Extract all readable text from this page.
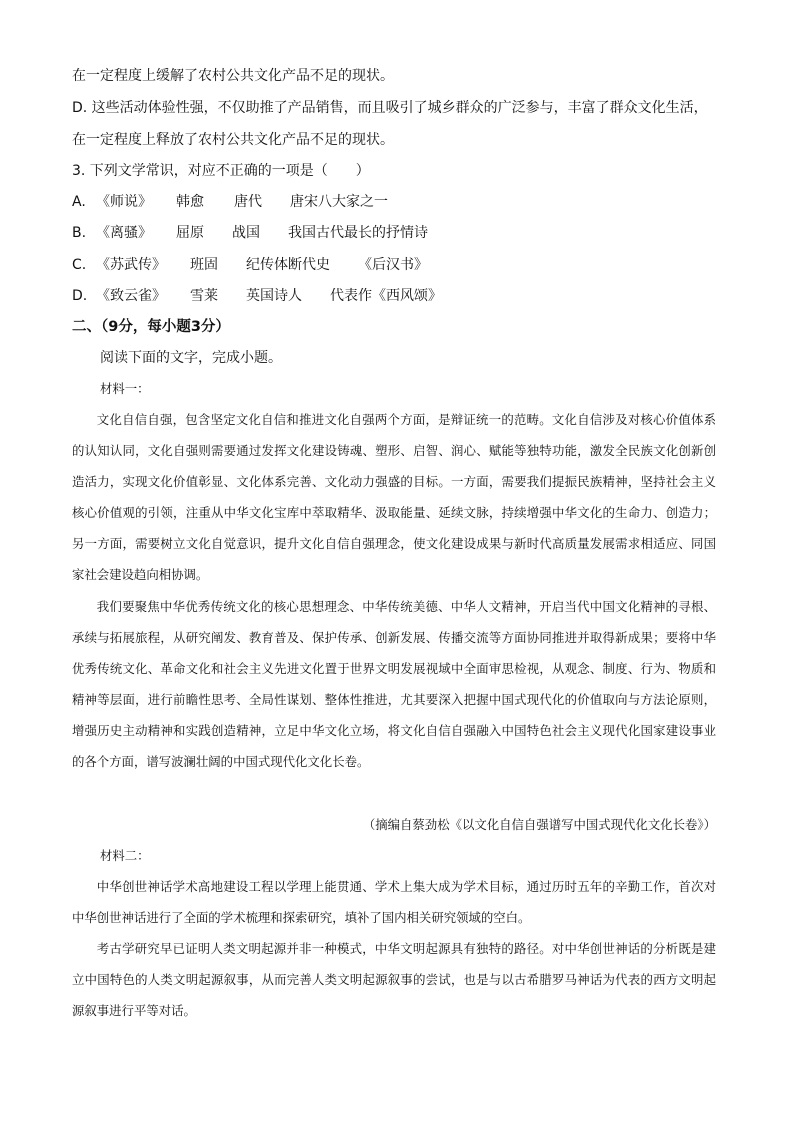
在一定程度上缓解了农村公共文化产品不足的现状。
D. 这些活动体验性强，不仅助推了产品销售，而且吸引了城乡群众的广泛参与，丰富了群众文化生活，
在一定程度上释放了农村公共文化产品不足的现状。
3. 下列文学常识，对应不正确的一项是（　　）
A. 《师说》 韩愈 唐代 唐宋八大家之一
B. 《离骚》 屈原 战国 我国古代最长的抒情诗
C. 《苏武传》 班固 纪传体断代史 《后汉书》
D. 《致云雀》 雪莱 英国诗人 代表作《西风颂》
二、（9分，每小题3分）
阅读下面的文字，完成小题。
材料一：

文化自信自强，包含坚定文化自信和推进文化自强两个方面，是辩证统一的范畴。文化自信涉及对核心价值体系的认知认同，文化自强则需要通过发挥文化建设铸魂、塑形、启智、润心、赋能等独特功能，激发全民族文化创新创造活力，实现文化价值彰显、文化体系完善、文化动力强盛的目标。一方面，需要我们提振民族精神，坚持社会主义核心价值观的引领，注重从中华文化宝库中萃取精华、汲取能量、延续文脉，持续增强中华文化的生命力、创造力；另一方面，需要树立文化自觉意识，提升文化自信自强理念，使文化建设成果与新时代高质量发展需求相适应、同国家社会建设趋向相协调。

我们要聚焦中华优秀传统文化的核心思想理念、中华传统美德、中华人文精神，开启当代中国文化精神的寻根、承续与拓展旅程，从研究阐发、教育普及、保护传承、创新发展、传播交流等方面协同推进并取得新成果；要将中华优秀传统文化、革命文化和社会主义先进文化置于世界文明发展视域中全面审思检视，从观念、制度、行为、物质和精神等层面，进行前瞻性思考、全局性谋划、整体性推进，尤其要深入把握中国式现代化的价值取向与方法论原则，增强历史主动精神和实践创造精神，立足中华文化立场，将文化自信自强融入中国特色社会主义现代化国家建设事业的各个方面，谱写波澜壮阔的中国式现代化文化长卷。

（摘编自蔡劲松《以文化自信自强谱写中国式现代化文化长卷》）
材料二：

中华创世神话学术高地建设工程以学理上能贯通、学术上集大成为学术目标，通过历时五年的辛勤工作，首次对中华创世神话进行了全面的学术梳理和探索研究，填补了国内相关研究领域的空白。

考古学研究早已证明人类文明起源并非一种模式，中华文明起源具有独特的路径。对中华创世神话的分析既是建立中国特色的人类文明起源叙事，从而完善人类文明起源叙事的尝试，也是与以古希腊罗马神话为代表的西方文明起源叙事进行平等对话。
